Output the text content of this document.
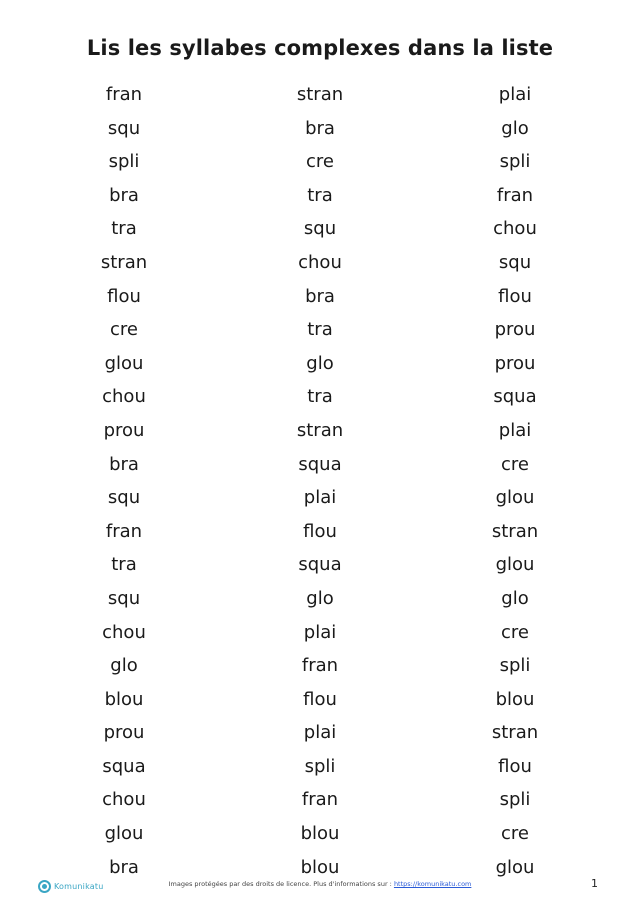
Lis les syllabes complexes dans la liste
fran	stran	plai
squ	bra	glo
spli	cre	spli
bra	tra	fran
tra	squ	chou
stran	chou	squ
flou	bra	flou
cre	tra	prou
glou	glo	prou
chou	tra	squa
prou	stran	plai
bra	squa	cre
squ	plai	glou
fran	flou	stran
tra	squa	glou
squ	glo	glo
chou	plai	cre
glo	fran	spli
blou	flou	blou
prou	plai	stran
squa	spli	flou
chou	fran	spli
glou	blou	cre
bra	blou	glou
Komunikatu	Images protégées par des droits de licence. Plus d'informations sur : https://komunikatu.com	1
